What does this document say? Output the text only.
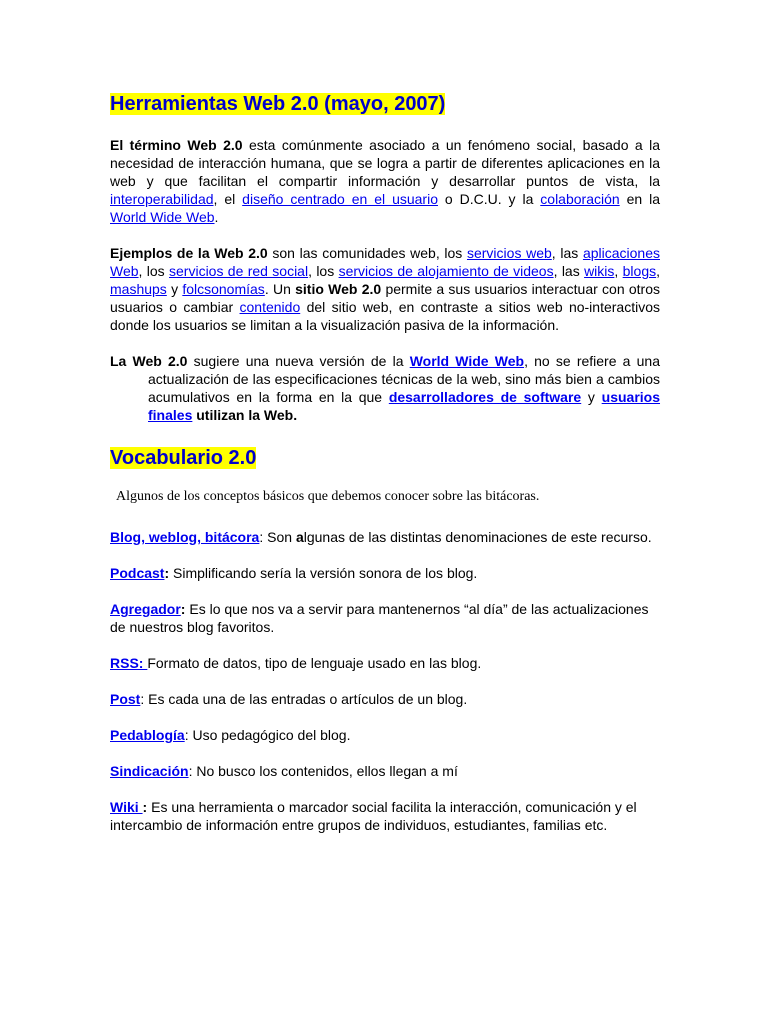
Herramientas Web 2.0 (mayo, 2007)

El término Web 2.0 esta comúnmente asociado a un fenómeno social, basado a la necesidad de interacción humana, que se logra a partir de diferentes aplicaciones en la web y que facilitan el compartir información y desarrollar puntos de vista, la interoperabilidad, el diseño centrado en el usuario o D.C.U. y la colaboración en la World Wide Web.

Ejemplos de la Web 2.0 son las comunidades web, los servicios web, las aplicaciones Web, los servicios de red social, los servicios de alojamiento de videos, las wikis, blogs, mashups y folcsonomías. Un sitio Web 2.0 permite a sus usuarios interactuar con otros usuarios o cambiar contenido del sitio web, en contraste a sitios web no-interactivos donde los usuarios se limitan a la visualización pasiva de la información.

La Web 2.0 sugiere una nueva versión de la World Wide Web, no se refiere a una actualización de las especificaciones técnicas de la web, sino más bien a cambios acumulativos en la forma en la que desarrolladores de software y usuarios finales utilizan la Web.

Vocabulario 2.0

Algunos de los conceptos básicos que debemos conocer sobre las bitácoras.

Blog, weblog, bitácora: Son algunas de las distintas denominaciones de este recurso.

Podcast: Simplificando sería la versión sonora de los blog.

Agregador: Es lo que nos va a servir para mantenernos “al día” de las actualizaciones de nuestros blog favoritos.

RSS: Formato de datos, tipo de lenguaje usado en las blog.

Post: Es cada una de las entradas o artículos de un blog.

Pedablogía: Uso pedagógico del blog.

Sindicación: No busco los contenidos, ellos llegan a mí

Wiki : Es una herramienta o marcador social facilita la interacción, comunicación y el intercambio de información entre grupos de individuos, estudiantes, familias etc.
